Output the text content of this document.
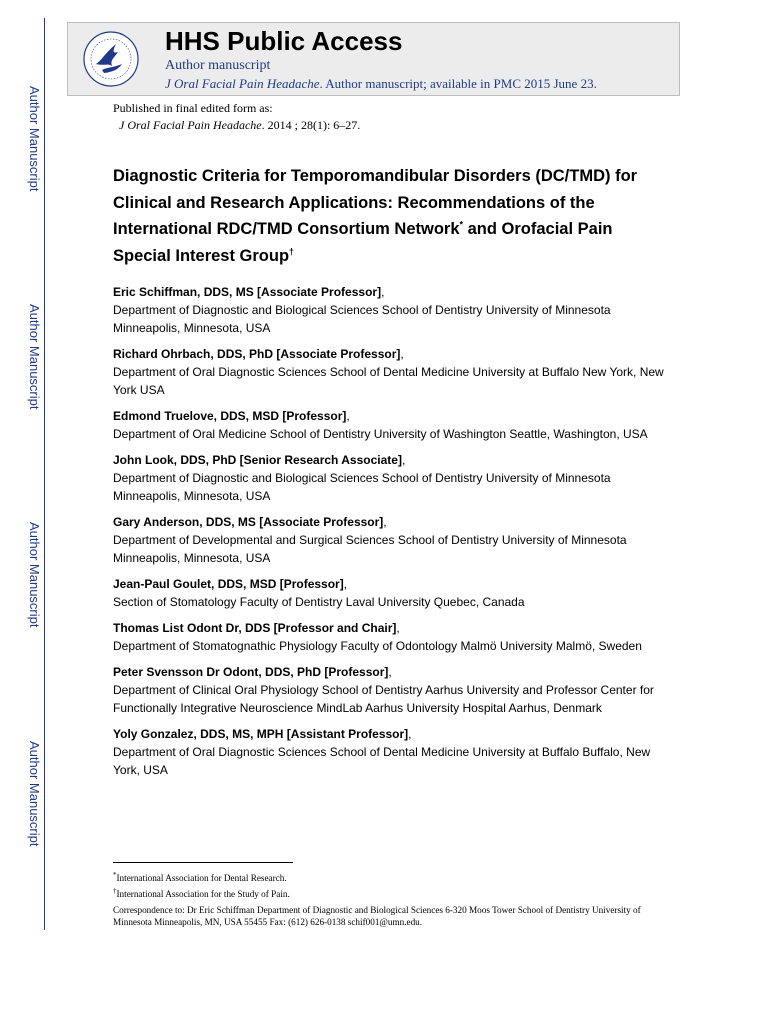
Author Manuscript
Author Manuscript
Author Manuscript
Author Manuscript
HHS Public Access
Author manuscript
J Oral Facial Pain Headache. Author manuscript; available in PMC 2015 June 23.
Published in final edited form as:
J Oral Facial Pain Headache. 2014 ; 28(1): 6–27.
Diagnostic Criteria for Temporomandibular Disorders (DC/TMD) for Clinical and Research Applications: Recommendations of the International RDC/TMD Consortium Network* and Orofacial Pain Special Interest Group†
Eric Schiffman, DDS, MS [Associate Professor],
Department of Diagnostic and Biological Sciences School of Dentistry University of Minnesota Minneapolis, Minnesota, USA
Richard Ohrbach, DDS, PhD [Associate Professor],
Department of Oral Diagnostic Sciences School of Dental Medicine University at Buffalo New York, New York USA
Edmond Truelove, DDS, MSD [Professor],
Department of Oral Medicine School of Dentistry University of Washington Seattle, Washington, USA
John Look, DDS, PhD [Senior Research Associate],
Department of Diagnostic and Biological Sciences School of Dentistry University of Minnesota Minneapolis, Minnesota, USA
Gary Anderson, DDS, MS [Associate Professor],
Department of Developmental and Surgical Sciences School of Dentistry University of Minnesota Minneapolis, Minnesota, USA
Jean-Paul Goulet, DDS, MSD [Professor],
Section of Stomatology Faculty of Dentistry Laval University Quebec, Canada
Thomas List Odont Dr, DDS [Professor and Chair],
Department of Stomatognathic Physiology Faculty of Odontology Malmö University Malmö, Sweden
Peter Svensson Dr Odont, DDS, PhD [Professor],
Department of Clinical Oral Physiology School of Dentistry Aarhus University and Professor Center for Functionally Integrative Neuroscience MindLab Aarhus University Hospital Aarhus, Denmark
Yoly Gonzalez, DDS, MS, MPH [Assistant Professor],
Department of Oral Diagnostic Sciences School of Dental Medicine University at Buffalo Buffalo, New York, USA

*International Association for Dental Research.

†International Association for the Study of Pain.

Correspondence to: Dr Eric Schiffman Department of Diagnostic and Biological Sciences 6-320 Moos Tower School of Dentistry University of Minnesota Minneapolis, MN, USA 55455 Fax: (612) 626-0138 schif001@umn.edu.
